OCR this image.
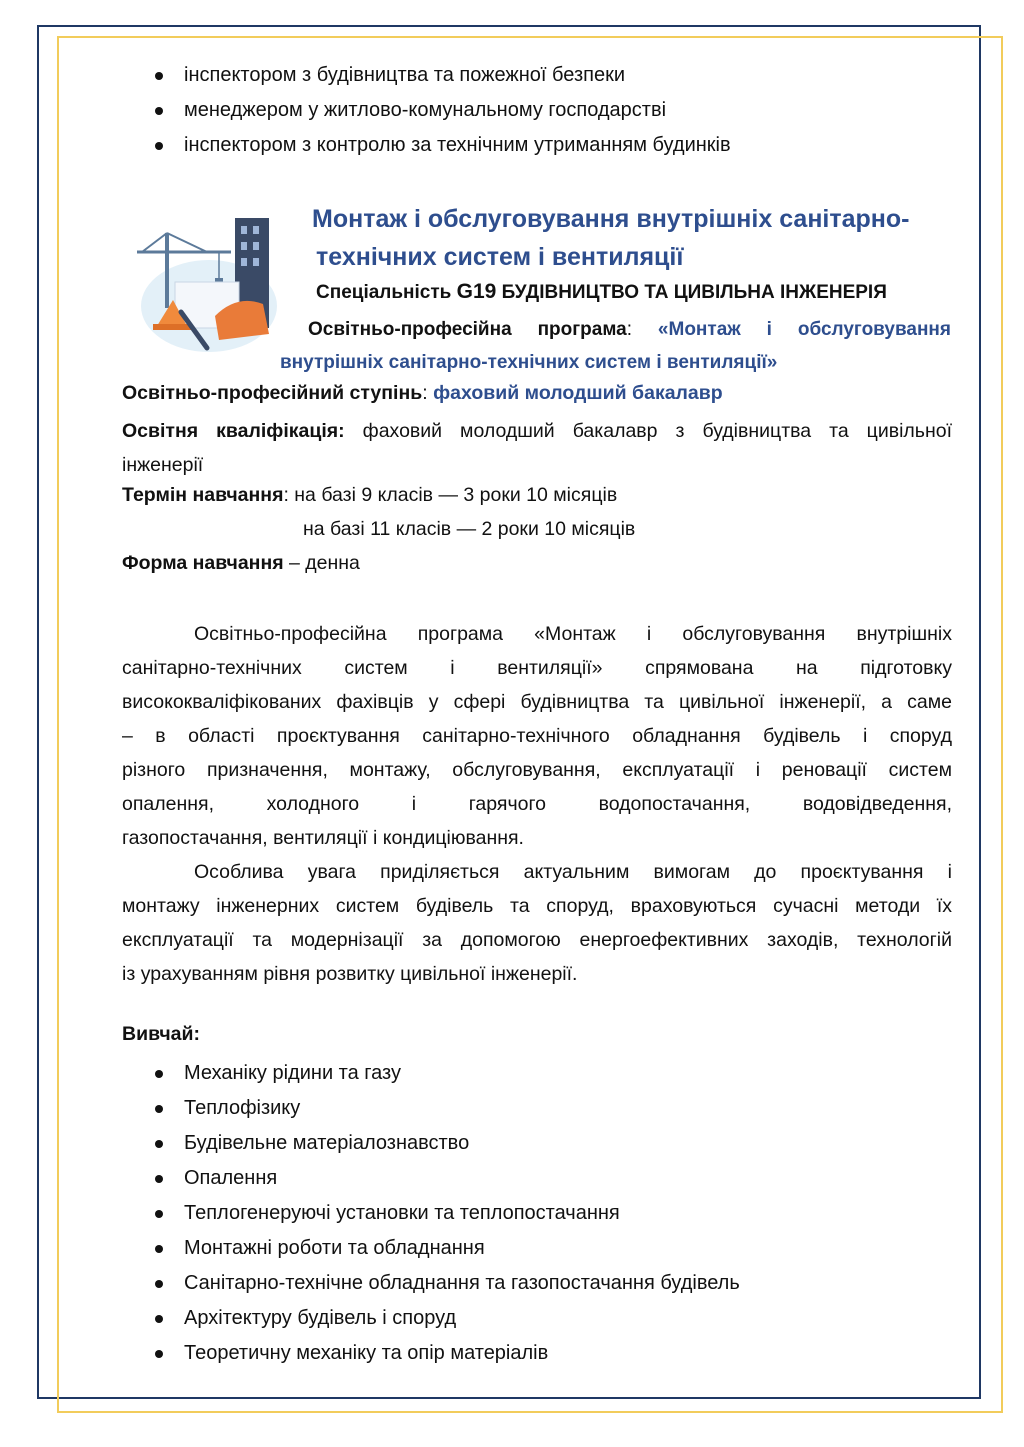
інспектором з будівництва та пожежної безпеки
менеджером у житлово-комунальному господарстві
інспектором з контролю за технічним утриманням будинків
Монтаж і обслуговування внутрішніх санітарно-
технічних систем і вентиляції
Спеціальність G19 БУДІВНИЦТВО ТА ЦИВІЛЬНА ІНЖЕНЕРІЯ
Освітньо-професійна програма: «Монтаж і обслуговування
внутрішніх санітарно-технічних систем і вентиляції»
Освітньо-професійний ступінь: фаховий молодший бакалавр
Освітня кваліфікація: фаховий молодший бакалавр з будівництва та цивільної
інженерії
Термін навчання: на базі 9 класів — 3 роки 10 місяців
на базі 11 класів — 2 роки 10 місяців
Форма навчання – денна
Освітньо-професійна програма «Монтаж і обслуговування внутрішніх
санітарно-технічних систем і вентиляції» спрямована на підготовку
висококваліфікованих фахівців у сфері будівництва та цивільної інженерії, а саме
– в області проєктування санітарно-технічного обладнання будівель і споруд
різного призначення, монтажу, обслуговування, експлуатації і реновації систем
опалення, холодного і гарячого водопостачання, водовідведення,
газопостачання, вентиляції і кондиціювання.
Особлива увага приділяється актуальним вимогам до проєктування і
монтажу інженерних систем будівель та споруд, враховуються сучасні методи їх
експлуатації та модернізації за допомогою енергоефективних заходів, технологій
із урахуванням рівня розвитку цивільної інженерії.
Вивчай:
Механіку рідини та газу
Теплофізику
Будівельне матеріалознавство
Опалення
Теплогенеруючі установки та теплопостачання
Монтажні роботи та обладнання
Санітарно-технічне обладнання та газопостачання будівель
Архітектуру будівель і споруд
Теоретичну механіку та опір матеріалів
